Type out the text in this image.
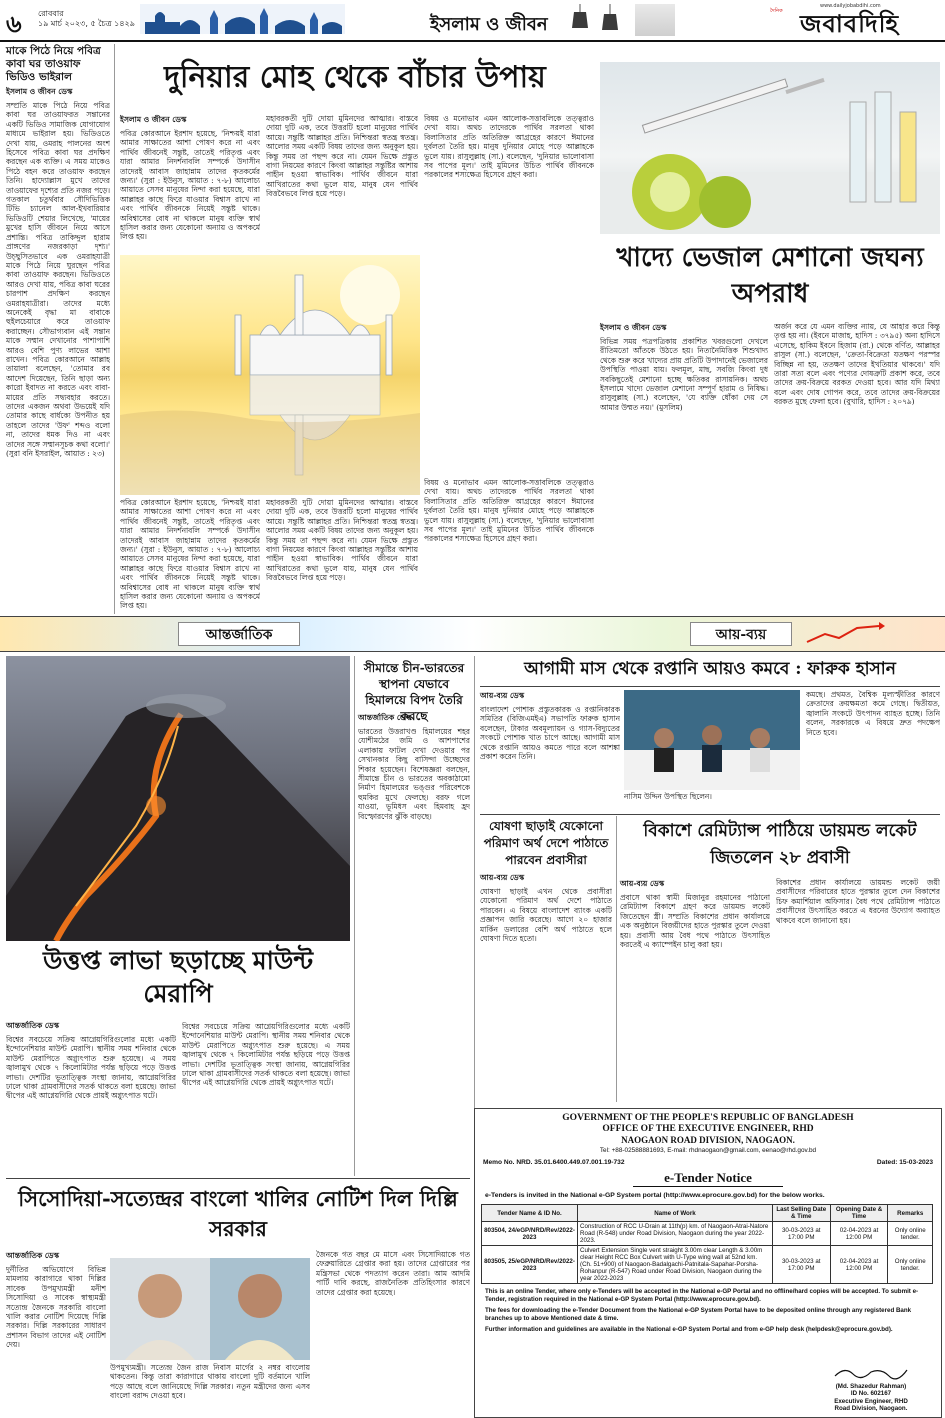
৬ রোববার
১৯ মার্চ ২০২৩, ৫ চৈত্র ১৪২৯	ইসলাম ও জীবন
www.dailyjobabdihi.com
দৈনিক জবাবদিহি
মাকে পিঠে নিয়ে পবিত্র কাবা ঘর তাওয়াফ ভিডিও ভাইরাল
ইসলাম ও জীবন ডেস্ক
সম্প্রতি মাকে পিঠে নিয়ে পবিত্র কাবা ঘর তাওয়াফরত সন্তানের একটি ভিডিও সামাজিক যোগাযোগ মাধ্যমে ভাইরাল হয়। ভিডিওতে দেখা যায়, ওমরাহ পালনের অংশ হিসেবে পবিত্র কাবা ঘর প্রদক্ষিণ করছেন এক ব্যক্তি। এ সময় মাকেও পিঠে বহন করে তাওয়াফ করছেন তিনি। হাদ্যোল্লাস মুখে তাদের তাওয়াফের দৃশ্যের প্রতি নজর পড়ে। গতকাল চতুর্থবার সৌদিভিত্তিক টিভি চ্যানেল আল-ইখবারিয়ার ভিডিওটি শেয়ার লিখেছে, 'মায়ের মুখের হাসি জীবনে নিয়ে আসে প্রশান্তি। পবিত্র তাকিদ্দুল হারাম প্রাঙ্গণের নজরকাড়া দৃশ্য।' উচ্ছ্বসিতভাবে এক ওমরাহযাত্রী মাকে পিঠে নিয়ে ঘুরছেন পবিত্র কাবা তাওয়াফ করছেন। ভিডিওতে আরও দেখা যায়, পবিত্র কাবা ঘরের চারপাশ প্রদক্ষিণ করছেন ওমরাহযাত্রীরা। তাদের মধ্যে অনেকেই বৃদ্ধা মা বাবাকে হুইলচেয়ারে করে তাওয়াফ করাচ্ছেন। সৌভাগ্যবান এই সন্তান মাকে সম্মান দেখানোর পাশাপাশি আরও বেশি পুণ্য লাভের আশা রাখেন। পবিত্র কোরআনে আল্লাহ তায়ালা বলেছেন, 'তোমার রব আদেশ দিয়েছেন, তিনি ছাড়া অন্য কারো ইবাদত না করতে এবং বাবা-মায়ের প্রতি সদ্ব্যবহার করতে। তাদের একজন অথবা উভয়েই যদি তোমার কাছে বার্ধক্যে উপনীত হয় তাহলে তাদের 'উফ' শব্দও বলো না, তাদের ধমক দিও না এবং তাদের সঙ্গে সম্মানসূচক কথা বলো।' (সুরা বনি ইসরাইল, আয়াত : ২৩)
দুনিয়ার মোহ থেকে বাঁচার উপায়
ইসলাম ও জীবন ডেস্ক
পবিত্র কোরআনে ইরশাদ হয়েছে, 'নিশ্চয়ই যারা আমার সাক্ষাতের আশা পোষণ করে না এবং পার্থিব জীবনেই সন্তুষ্ট, তাতেই পরিতৃপ্ত এবং যারা আমার নিদর্শনাবলি সম্পর্কে উদাসীন তাদেরই আবাস জাহান্নাম তাদের কৃতকর্মের জন্য।' (সুরা : ইউনুস, আয়াত : ৭-৮) আলোচ্য আয়াতে সেসব মানুষের নিন্দা করা হয়েছে, যারা আল্লাহর কাছে ফিরে যাওয়ার বিশ্বাস রাখে না এবং পার্থিব জীবনকে নিয়েই সন্তুষ্ট থাকে। অবিশ্বাসের বোধ না থাকলে মানুষ ব্যক্তি স্বার্থ হাসিল করার জন্য যেকোনো অন্যায় ও অপকর্মে লিপ্ত হয়।
মহাবরকতী দুটি দোয়া মুমিনদের আত্মার। বাস্তবে দোয়া দুটি এক, তবে উত্তরটি হলো মানুষের পার্থিব আয়ে। সন্তুষ্টি আল্লাহর প্রতি। নিশ্চিন্তরা স্বতন্ত্র স্বতন্ত্র। আলোর সময় একটি বিষয় তাদের জন্য অনুকূল হয়। কিন্তু সময় তা পছন্দ করে না। যেমন ভিক্ষে প্রস্তুত বাগা নিয়মের কারণে কিংবা আল্লাহর সন্তুষ্টির আশায় পাহীন হওয়া স্বাভাবিক। পার্থিব জীবনে যারা আখিরাতের কথা ভুলে যায়, মানুষ যেন পার্থিব বিত্তবৈভবে লিপ্ত হয়ে পড়ে।
বিষয় ও মনোভাব এমন আলোক-সত্তাবলিকে তত্ত্বরাও দেখা যায়। অথচ তাদেরকে পার্থিব সরলতা থাকা বিলাসিতার প্রতি অতিরিক্ত আগ্রহের কারণে ঈমানের দুর্বলতা তৈরি হয়। মানুষ দুনিয়ার মোহে পড়ে আল্লাহকে ভুলে যায়। রাসুলুল্লাহ (সা.) বলেছেন, 'দুনিয়ার ভালোবাসা সব পাপের মূল।' তাই মুমিনের উচিত পার্থিব জীবনকে পরকালের শস্যক্ষেত্র হিসেবে গ্রহণ করা।
পবিত্র কোরআনে ইরশাদ হয়েছে, 'নিশ্চয়ই যারা আমার সাক্ষাতের আশা পোষণ করে না এবং পার্থিব জীবনেই সন্তুষ্ট, তাতেই পরিতৃপ্ত এবং যারা আমার নিদর্শনাবলি সম্পর্কে উদাসীন তাদেরই আবাস জাহান্নাম তাদের কৃতকর্মের জন্য।' (সুরা : ইউনুস, আয়াত : ৭-৮) আলোচ্য আয়াতে সেসব মানুষের নিন্দা করা হয়েছে, যারা আল্লাহর কাছে ফিরে যাওয়ার বিশ্বাস রাখে না এবং পার্থিব জীবনকে নিয়েই সন্তুষ্ট থাকে। অবিশ্বাসের বোধ না থাকলে মানুষ ব্যক্তি স্বার্থ হাসিল করার জন্য যেকোনো অন্যায় ও অপকর্মে লিপ্ত হয়।
মহাবরকতী দুটি দোয়া মুমিনদের আত্মার। বাস্তবে দোয়া দুটি এক, তবে উত্তরটি হলো মানুষের পার্থিব আয়ে। সন্তুষ্টি আল্লাহর প্রতি। নিশ্চিন্তরা স্বতন্ত্র স্বতন্ত্র। আলোর সময় একটি বিষয় তাদের জন্য অনুকূল হয়। কিন্তু সময় তা পছন্দ করে না। যেমন ভিক্ষে প্রস্তুত বাগা নিয়মের কারণে কিংবা আল্লাহর সন্তুষ্টির আশায় পাহীন হওয়া স্বাভাবিক। পার্থিব জীবনে যারা আখিরাতের কথা ভুলে যায়, মানুষ যেন পার্থিব বিত্তবৈভবে লিপ্ত হয়ে পড়ে।
বিষয় ও মনোভাব এমন আলোক-সত্তাবলিকে তত্ত্বরাও দেখা যায়। অথচ তাদেরকে পার্থিব সরলতা থাকা বিলাসিতার প্রতি অতিরিক্ত আগ্রহের কারণে ঈমানের দুর্বলতা তৈরি হয়। মানুষ দুনিয়ার মোহে পড়ে আল্লাহকে ভুলে যায়। রাসুলুল্লাহ (সা.) বলেছেন, 'দুনিয়ার ভালোবাসা সব পাপের মূল।' তাই মুমিনের উচিত পার্থিব জীবনকে পরকালের শস্যক্ষেত্র হিসেবে গ্রহণ করা।
খাদ্যে ভেজাল মেশানো জঘন্য অপরাধ
ইসলাম ও জীবন ডেস্ক
বিভিন্ন সময় পত্রপত্রিকায় প্রকাশিত খবরগুলো দেখলে রীতিমতো আঁতকে উঠতে হয়। নিত্যনৈমিত্তিক শিশুখাদ্য থেকে শুরু করে খাদ্যের প্রায় প্রতিটি উপাদানেই ভেজালের উপস্থিতি পাওয়া যায়। ফলমূল, মাছ, সবজি কিংবা দুধ সবকিছুতেই মেশানো হচ্ছে ক্ষতিকর রাসায়নিক। অথচ ইসলামে খাদ্যে ভেজাল মেশানো সম্পূর্ণ হারাম ও নিষিদ্ধ। রাসুলুল্লাহ (সা.) বলেছেন, 'যে ব্যক্তি ধোঁকা দেয় সে আমার উম্মত নয়।' (মুসলিম)
অর্জন করে যে এমন ব্যক্তির ন্যায়, যে আহার করে কিন্তু তৃপ্ত হয় না। (ইবনে মাজাহ, হাদিস : ৩৭৯৫) অন্য হাদিসে এসেছে, হাকিম ইবনে হিজাম (রা.) থেকে বর্ণিত, আল্লাহর রাসুল (সা.) বলেছেন, 'ক্রেতা-বিক্রেতা যতক্ষণ পরস্পর বিচ্ছিন্ন না হয়, ততক্ষণ তাদের ইখতিয়ার থাকবে।' যদি তারা সত্য বলে এবং পণ্যের দোষত্রুটি প্রকাশ করে, তবে তাদের ক্রয়-বিক্রয়ে বরকত দেওয়া হবে। আর যদি মিথ্যা বলে এবং দোষ গোপন করে, তবে তাদের ক্রয়-বিক্রয়ের বরকত মুছে ফেলা হবে। (বুখারি, হাদিস : ২০৭৯)
আন্তর্জাতিক	আয়-ব্যয়
উত্তপ্ত লাভা ছড়াচ্ছে মাউন্ট মেরাপি
আন্তর্জাতিক ডেস্ক
বিশ্বের সবচেয়ে সক্রিয় আগ্নেয়গিরিগুলোর মধ্যে একটি ইন্দোনেশিয়ার মাউন্ট মেরাপি। স্থানীয় সময় শনিবার থেকে মাউন্ট মেরাপিতে অগ্ন্যুৎপাত শুরু হয়েছে। এ সময় জ্বালামুখ থেকে ৭ কিলোমিটার পর্যন্ত ছড়িয়ে পড়ে উত্তপ্ত লাভা। দেশটির ভূতাত্ত্বিক সংস্থা জানায়, আগ্নেয়গিরির ঢালে থাকা গ্রামবাসীদের সতর্ক থাকতে বলা হয়েছে। জাভা দ্বীপের এই আগ্নেয়গিরি থেকে প্রায়ই অগ্ন্যুৎপাত ঘটে।
বিশ্বের সবচেয়ে সক্রিয় আগ্নেয়গিরিগুলোর মধ্যে একটি ইন্দোনেশিয়ার মাউন্ট মেরাপি। স্থানীয় সময় শনিবার থেকে মাউন্ট মেরাপিতে অগ্ন্যুৎপাত শুরু হয়েছে। এ সময় জ্বালামুখ থেকে ৭ কিলোমিটার পর্যন্ত ছড়িয়ে পড়ে উত্তপ্ত লাভা। দেশটির ভূতাত্ত্বিক সংস্থা জানায়, আগ্নেয়গিরির ঢালে থাকা গ্রামবাসীদের সতর্ক থাকতে বলা হয়েছে। জাভা দ্বীপের এই আগ্নেয়গিরি থেকে প্রায়ই অগ্ন্যুৎপাত ঘটে।
সীমান্তে চীন-ভারতের স্থাপনা যেভাবে হিমালয়ে বিপদ তৈরি করছে
আন্তর্জাতিক ডেস্ক
ভারতের উত্তরাখণ্ড হিমালয়ের শহর যোশীমঠের জমি ও আশপাশের এলাকায় ফাটল দেখা দেওয়ার পর সেখানকার কিছু বাসিন্দা উচ্ছেদের শিকার হয়েছেন। বিশেষজ্ঞরা বলছেন, সীমান্তে চীন ও ভারতের অবকাঠামো নির্মাণ হিমালয়ের ভঙ্গুর পরিবেশকে হুমকির মুখে ফেলছে। বরফ গলে যাওয়া, ভূমিধস এবং হিমবাহ হ্রদ বিস্ফোরণের ঝুঁকি বাড়ছে।
সিসোদিয়া-সত্যেন্দ্রর বাংলো খালির নোটিশ দিল দিল্লি সরকার
আন্তর্জাতিক ডেস্ক
দুর্নীতির অভিযোগে বিভিন্ন মামলায় কারাগারে থাকা দিল্লির সাবেক উপমুখ্যমন্ত্রী মনীশ সিসোদিয়া ও সাবেক স্বাস্থ্যমন্ত্রী সত্যেন্দ্র জৈনকে সরকারি বাংলো খালি করার নোটিশ দিয়েছে দিল্লি সরকার। দিল্লি সরকারের সাধারণ প্রশাসন বিভাগ তাদের এই নোটিশ দেয়।
উপমুখ্যমন্ত্রী। সত্যেন্দ্র জৈন রাজ নিবাস মার্গের ২ নম্বর বাংলোয় থাকতেন। কিন্তু তারা কারাগারে থাকায় বাংলো দুটি বর্তমানে খালি পড়ে আছে বলে জানিয়েছে দিল্লি সরকার। নতুন মন্ত্রীদের জন্য এসব বাংলো বরাদ্দ দেওয়া হবে।
জৈনকে গত বছর মে মাসে এবং সিসোদিয়াকে গত ফেব্রুয়ারিতে গ্রেপ্তার করা হয়। তাদের গ্রেপ্তারের পর মন্ত্রিসভা থেকে পদত্যাগ করেন তারা। আম আদমি পার্টি দাবি করছে, রাজনৈতিক প্রতিহিংসার কারণে তাদের গ্রেপ্তার করা হয়েছে।
আগামী মাস থেকে রপ্তানি আয়ও কমবে : ফারুক হাসান
আয়-ব্যয় ডেস্ক
বাংলাদেশ পোশাক প্রস্তুতকারক ও রপ্তানিকারক সমিতির (বিজিএমইএ) সভাপতি ফারুক হাসান বলেছেন, টাকার অবমূল্যায়ন ও গ্যাস-বিদ্যুতের সংকটে পোশাক খাত চাপে আছে। আগামী মাস থেকে রপ্তানি আয়ও কমতে পারে বলে আশঙ্কা প্রকাশ করেন তিনি।
নাসিম উদ্দিন উপস্থিত ছিলেন।
কমছে। প্রথমত, বৈশ্বিক মূল্যস্ফীতির কারণে ক্রেতাদের ক্রয়ক্ষমতা কমে গেছে। দ্বিতীয়ত, জ্বালানি সংকটে উৎপাদন ব্যাহত হচ্ছে। তিনি বলেন, সরকারকে এ বিষয়ে দ্রুত পদক্ষেপ নিতে হবে।
যোষণা ছাড়াই যেকোনো পরিমাণ অর্থ দেশে পাঠাতে পারবেন প্রবাসীরা
আয়-ব্যয় ডেস্ক
ঘোষণা ছাড়াই এখন থেকে প্রবাসীরা যেকোনো পরিমাণ অর্থ দেশে পাঠাতে পারবেন। এ বিষয়ে বাংলাদেশ ব্যাংক একটি প্রজ্ঞাপন জারি করেছে। আগে ২০ হাজার মার্কিন ডলারের বেশি অর্থ পাঠাতে হলে ঘোষণা দিতে হতো।
বিকাশে রেমিট্যান্স পাঠিয়ে ডায়মন্ড লকেট জিতলেন ২৮ প্রবাসী
আয়-ব্যয় ডেস্ক
প্রবাসে থাকা স্বামী মিজানুর রহমানের পাঠানো রেমিট্যান্স বিকাশে গ্রহণ করে ডায়মন্ড লকেট জিতেছেন স্ত্রী। সম্প্রতি বিকাশের প্রধান কার্যালয়ে এক অনুষ্ঠানে বিজয়ীদের হাতে পুরস্কার তুলে দেওয়া হয়। প্রবাসী আয় বৈধ পথে পাঠাতে উৎসাহিত করতেই এ ক্যাম্পেইন চালু করা হয়।
বিকাশের প্রধান কার্যালয়ে ডায়মন্ড লকেট জয়ী প্রবাসীদের পরিবারের হাতে পুরস্কার তুলে দেন বিকাশের চিফ কমার্শিয়াল অফিসার। বৈধ পথে রেমিট্যান্স পাঠাতে প্রবাসীদের উৎসাহিত করতে এ ধরনের উদ্যোগ অব্যাহত থাকবে বলে জানানো হয়।
GOVERNMENT OF THE PEOPLE'S REPUBLIC OF BANGLADESH
OFFICE OF THE EXECUTIVE ENGINEER, RHD
NAOGAON ROAD DIVISION, NAOGAON.
Tel: +88-02588881693, E-mail: rhdnaogaon@gmail.com, eenao@rhd.gov.bd
Memo No. NRD. 35.01.6400.449.07.001.19-732	Dated: 15-03-2023
e-Tender Notice
e-Tenders is invited in the National e-GP System portal (http://www.eprocure.gov.bd) for the below works.
Tender Name & ID No.	Name of Work	Last Selling Date & Time	Opening Date & Time	Remarks
803504, 24/eGP/NRD/Rev/2022-2023	Construction of RCC U-Drain at 11th(p) km. of Naogaon-Atrai-Natore Road (R-548) under Road Division, Naogaon during the year 2022-2023.	30-03-2023 at 17:00 PM	02-04-2023 at 12:00 PM	Only online tender.
803505, 25/eGP/NRD/Rev/2022-2023	Culvert Extension Single vent straight 3.00m clear Length & 3.00m clear Height RCC Box Culvert with U-Type wing wall at 52nd km. (Ch. 51+900) of Naogaon-Badalgachi-Patnitala-Sapahar-Porsha-Rohanpur (R-547) Road under Road Division, Naogaon during the year 2022-2023	30-03-2023 at 17:00 PM	02-04-2023 at 12:00 PM	Only online tender.
This is an online Tender, where only e-Tenders will be accepted in the National e-GP Portal and no offline/hard copies will be accepted. To submit e-Tender, registration required in the National e-GP System Portal (http://www.eprocure.gov.bd).
The fees for downloading the e-Tender Document from the National e-GP System Portal have to be deposited online through any registered Bank branches up to above Mentioned date & time.
Further information and guidelines are available in the National e-GP System Portal and from e-GP help desk (helpdesk@eprocure.gov.bd).
(Md. Shazedur Rahman)
ID No. 602167
Executive Engineer, RHD
Road Division, Naogaon.
